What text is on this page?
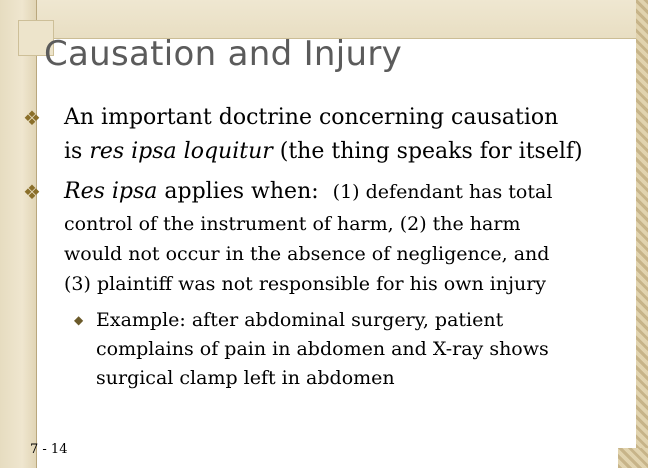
Causation and Injury
❖ An important doctrine concerning causation
is res ipsa loquitur (the thing speaks for itself)
❖ Res ipsa applies when: (1) defendant has total
control of the instrument of harm, (2) the harm
would not occur in the absence of negligence, and
(3) plaintiff was not responsible for his own injury
◆ Example: after abdominal surgery, patient
complains of pain in abdomen and X-ray shows
surgical clamp left in abdomen
7 - 14
